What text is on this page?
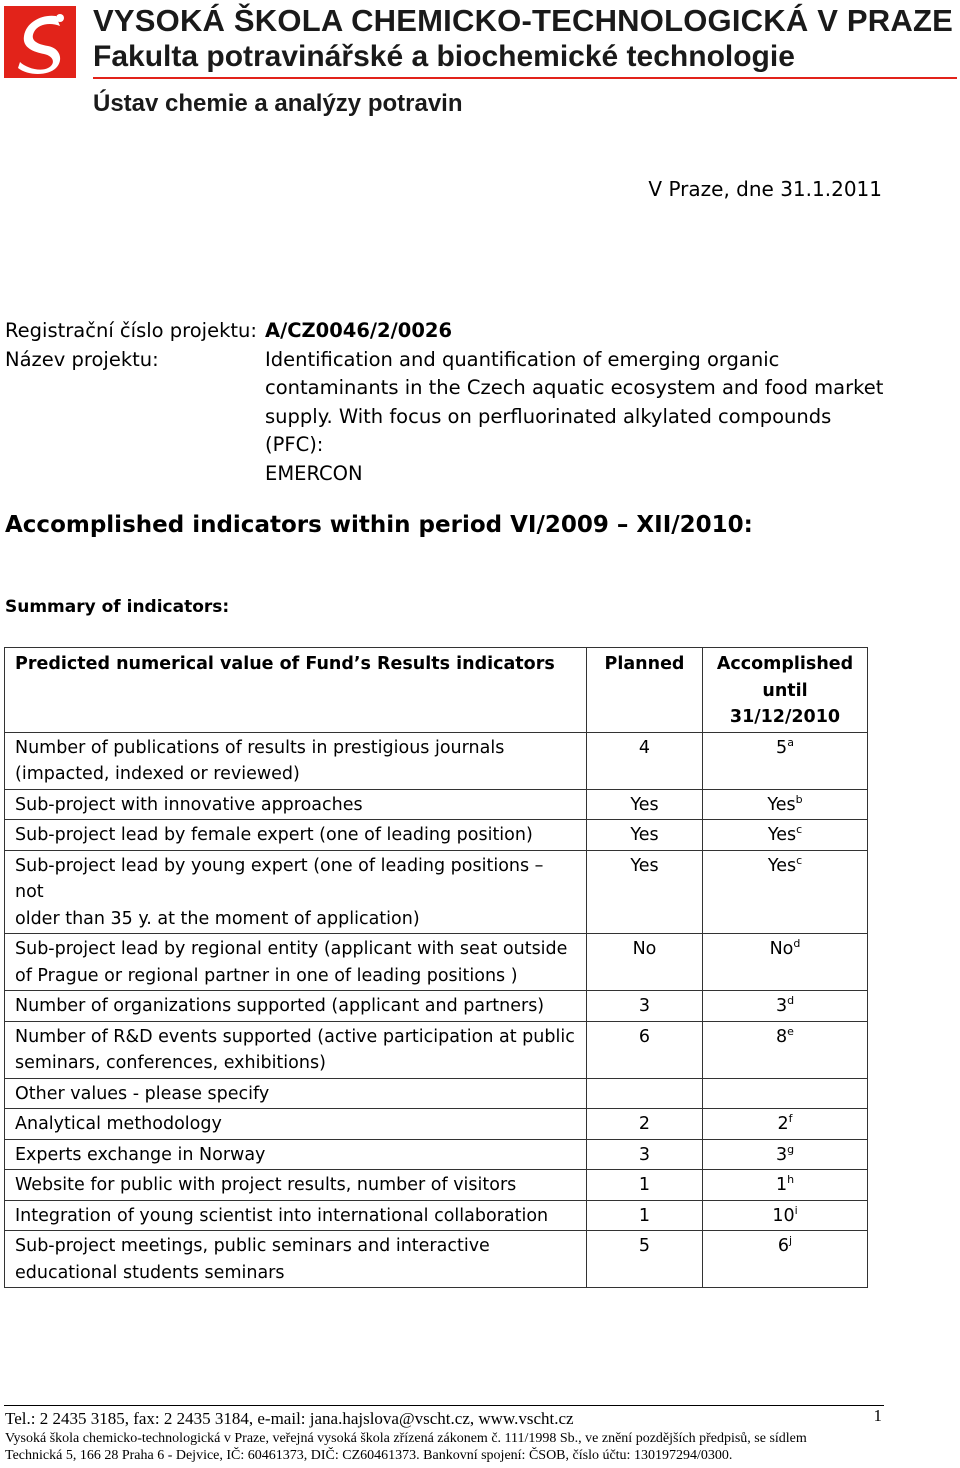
VYSOKÁ ŠKOLA CHEMICKO-TECHNOLOGICKÁ V PRAZE
Fakulta potravinářské a biochemické technologie
Ústav chemie a analýzy potravin
V Praze, dne 31.1.2011
Registrační číslo projektu: A/CZ0046/2/0026
Název projektu:	Identification and quantification of emerging organic
contaminants in the Czech aquatic ecosystem and food market
supply. With focus on perfluorinated alkylated compounds (PFC):
EMERCON
Accomplished indicators within period VI/2009 – XII/2010:
Summary of indicators:
Predicted numerical value of Fund’s Results indicators	Planned	Accomplished
until
31/12/2010

Number of publications of results in prestigious journals
(impacted, indexed or reviewed)	4	5$^a$

Sub-project with innovative approaches	Yes	Yes$^b$

Sub-project lead by female expert (one of leading position)	Yes	Yes$^c$

Sub-project lead by young expert (one of leading positions – not
older than 35 y. at the moment of application)	Yes	Yes$^c$

Sub-project lead by regional entity (applicant with seat outside
of Prague or regional partner in one of leading positions )	No	No$^d$

Number of organizations supported (applicant and partners)	3	3$^d$

Number of R&D events supported (active participation at public
seminars, conferences, exhibitions)	6	8e

Other values - please specify		

Analytical methodology	2	2$^f$

Experts exchange in Norway	3	3$^g$

Website for public with project results, number of visitors	1	1$^h$

Integration of young scientist into international collaboration	1	10$^i$

Sub-project meetings, public seminars and interactive
educational students seminars	5	6$^j$
Tel.: 2 2435 3185, fax: 2 2435 3184, e-mail: jana.hajslova@vscht.cz, www.vscht.cz	1
Vysoká škola chemicko-technologická v Praze, veřejná vysoká škola zřízená zákonem č. 111/1998 Sb., ve znění pozdějších předpisů, se sídlem
Technická 5, 166 28 Praha 6 - Dejvice, IČ: 60461373, DIČ: CZ60461373. Bankovní spojení: ČSOB, číslo účtu: 130197294/0300.
